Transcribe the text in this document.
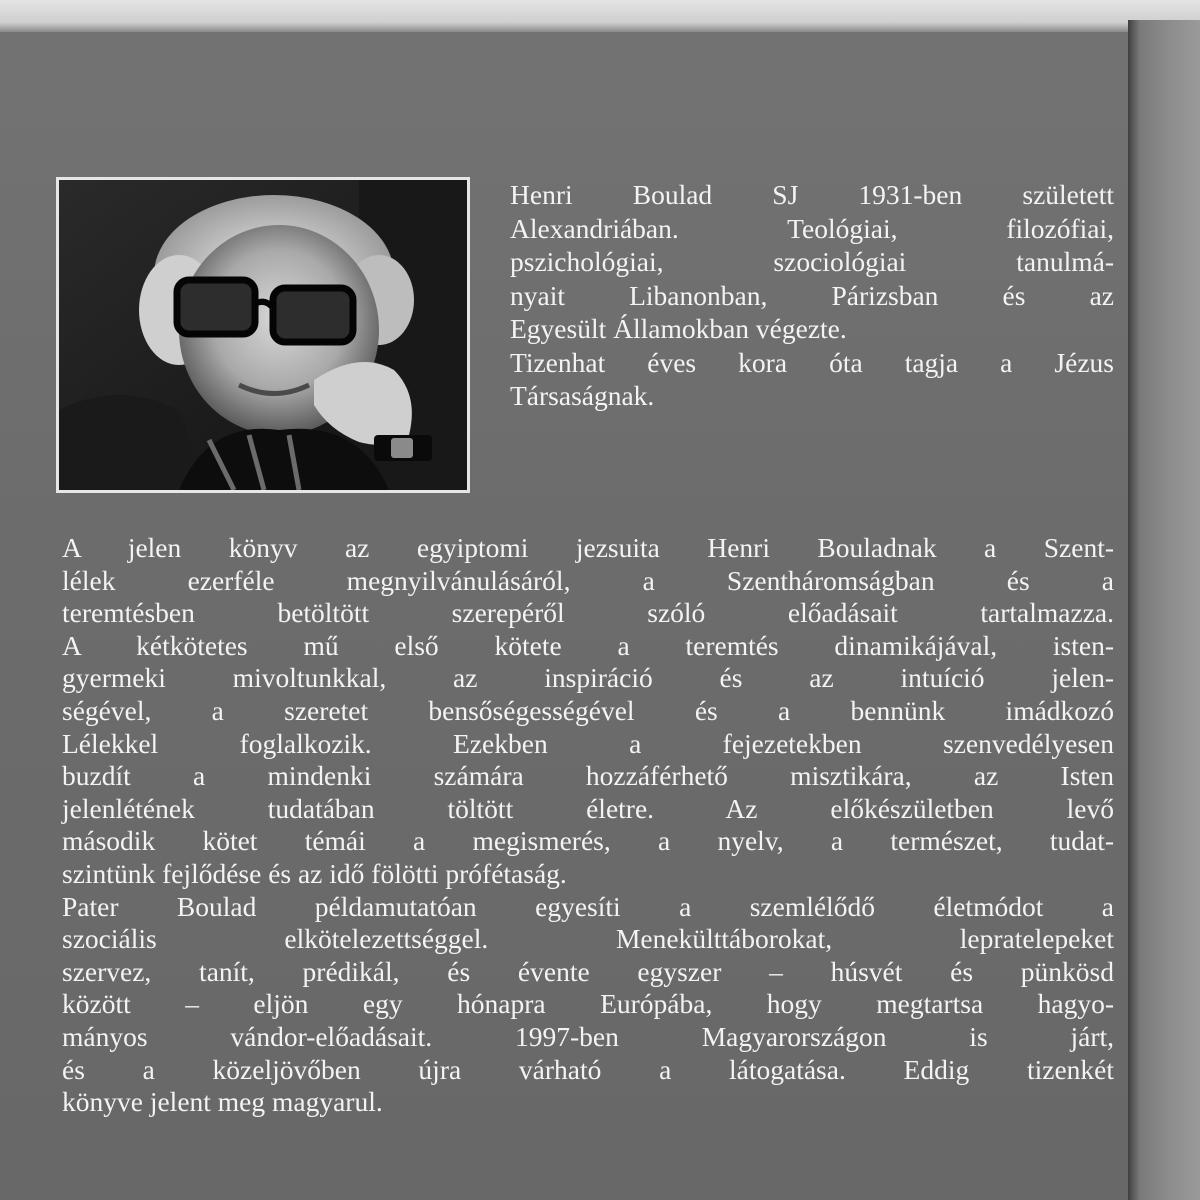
Henri Boulad SJ 1931-ben született
Alexandriában. Teológiai, filozófiai,
pszichológiai, szociológiai tanulmá-
nyait Libanonban, Párizsban és az
Egyesült Államokban végezte.
Tizenhat éves kora óta tagja a Jézus
Társaságnak.
A jelen könyv az egyiptomi jezsuita Henri Bouladnak a Szent-
lélek ezerféle megnyilvánulásáról, a Szentháromságban és a
teremtésben betöltött szerepéről szóló előadásait tartalmazza.
A kétkötetes mű első kötete a teremtés dinamikájával, isten-
gyermeki mivoltunkkal, az inspiráció és az intuíció jelen-
ségével, a szeretet bensőségességével és a bennünk imádkozó
Lélekkel foglalkozik. Ezekben a fejezetekben szenvedélyesen
buzdít a mindenki számára hozzáférhető misztikára, az Isten
jelenlétének tudatában töltött életre. Az előkészületben levő
második kötet témái a megismerés, a nyelv, a természet, tudat-
szintünk fejlődése és az idő fölötti prófétaság.
Pater Boulad példamutatóan egyesíti a szemlélődő életmódot a
szociális elkötelezettséggel. Menekülttáborokat, lepratelepeket
szervez, tanít, prédikál, és évente egyszer – húsvét és pünkösd
között – eljön egy hónapra Európába, hogy megtartsa hagyo-
mányos vándor-előadásait. 1997-ben Magyarországon is járt,
és a közeljövőben újra várható a látogatása. Eddig tizenkét
könyve jelent meg magyarul.
